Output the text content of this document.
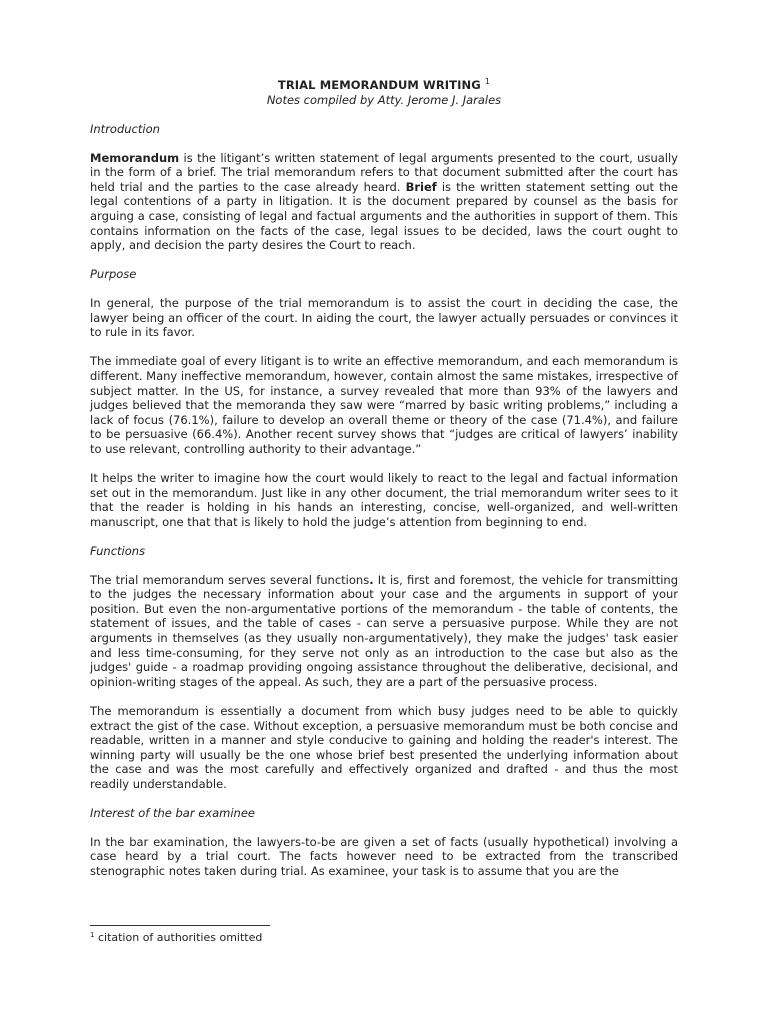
TRIAL MEMORANDUM WRITING $^1$
Notes compiled by Atty. Jerome J. Jarales
Introduction

Memorandum is the litigant’s written statement of legal arguments presented to the court, usually in the form of a brief. The trial memorandum refers to that document submitted after the court has held trial and the parties to the case already heard. Brief is the written statement setting out the legal contentions of a party in litigation. It is the document prepared by counsel as the basis for arguing a case, consisting of legal and factual arguments and the authorities in support of them. This contains information on the facts of the case, legal issues to be decided, laws the court ought to apply, and decision the party desires the Court to reach.

Purpose

In general, the purpose of the trial memorandum is to assist the court in deciding the case, the lawyer being an officer of the court. In aiding the court, the lawyer actually persuades or convinces it to rule in its favor.

The immediate goal of every litigant is to write an effective memorandum, and each memorandum is different. Many ineffective memorandum, however, contain almost the same mistakes, irrespective of subject matter. In the US, for instance, a survey revealed that more than 93% of the lawyers and judges believed that the memoranda they saw were “marred by basic writing problems,” including a lack of focus (76.1%), failure to develop an overall theme or theory of the case (71.4%), and failure to be persuasive (66.4%). Another recent survey shows that “judges are critical of lawyers’ inability to use relevant, controlling authority to their advantage.”

It helps the writer to imagine how the court would likely to react to the legal and factual information set out in the memorandum. Just like in any other document, the trial memorandum writer sees to it that the reader is holding in his hands an interesting, concise, well-organized, and well-written manuscript, one that that is likely to hold the judge’s attention from beginning to end.

Functions

The trial memorandum serves several functions. It is, first and foremost, the vehicle for transmitting to the judges the necessary information about your case and the arguments in support of your position. But even the non-argumentative portions of the memorandum - the table of contents, the statement of issues, and the table of cases - can serve a persuasive purpose. While they are not arguments in themselves (as they usually non-argumentatively), they make the judges' task easier and less time-consuming, for they serve not only as an introduction to the case but also as the judges' guide - a roadmap providing ongoing assistance throughout the deliberative, decisional, and opinion-writing stages of the appeal. As such, they are a part of the persuasive process.

The memorandum is essentially a document from which busy judges need to be able to quickly extract the gist of the case. Without exception, a persuasive memorandum must be both concise and readable, written in a manner and style conducive to gaining and holding the reader's interest. The winning party will usually be the one whose brief best presented the underlying information about the case and was the most carefully and effectively organized and drafted - and thus the most readily understandable.

Interest of the bar examinee

In the bar examination, the lawyers-to-be are given a set of facts (usually hypothetical) involving a case heard by a trial court. The facts however need to be extracted from the transcribed stenographic notes taken during trial. As examinee, your task is to assume that you are the

$^1$ citation of authorities omitted
